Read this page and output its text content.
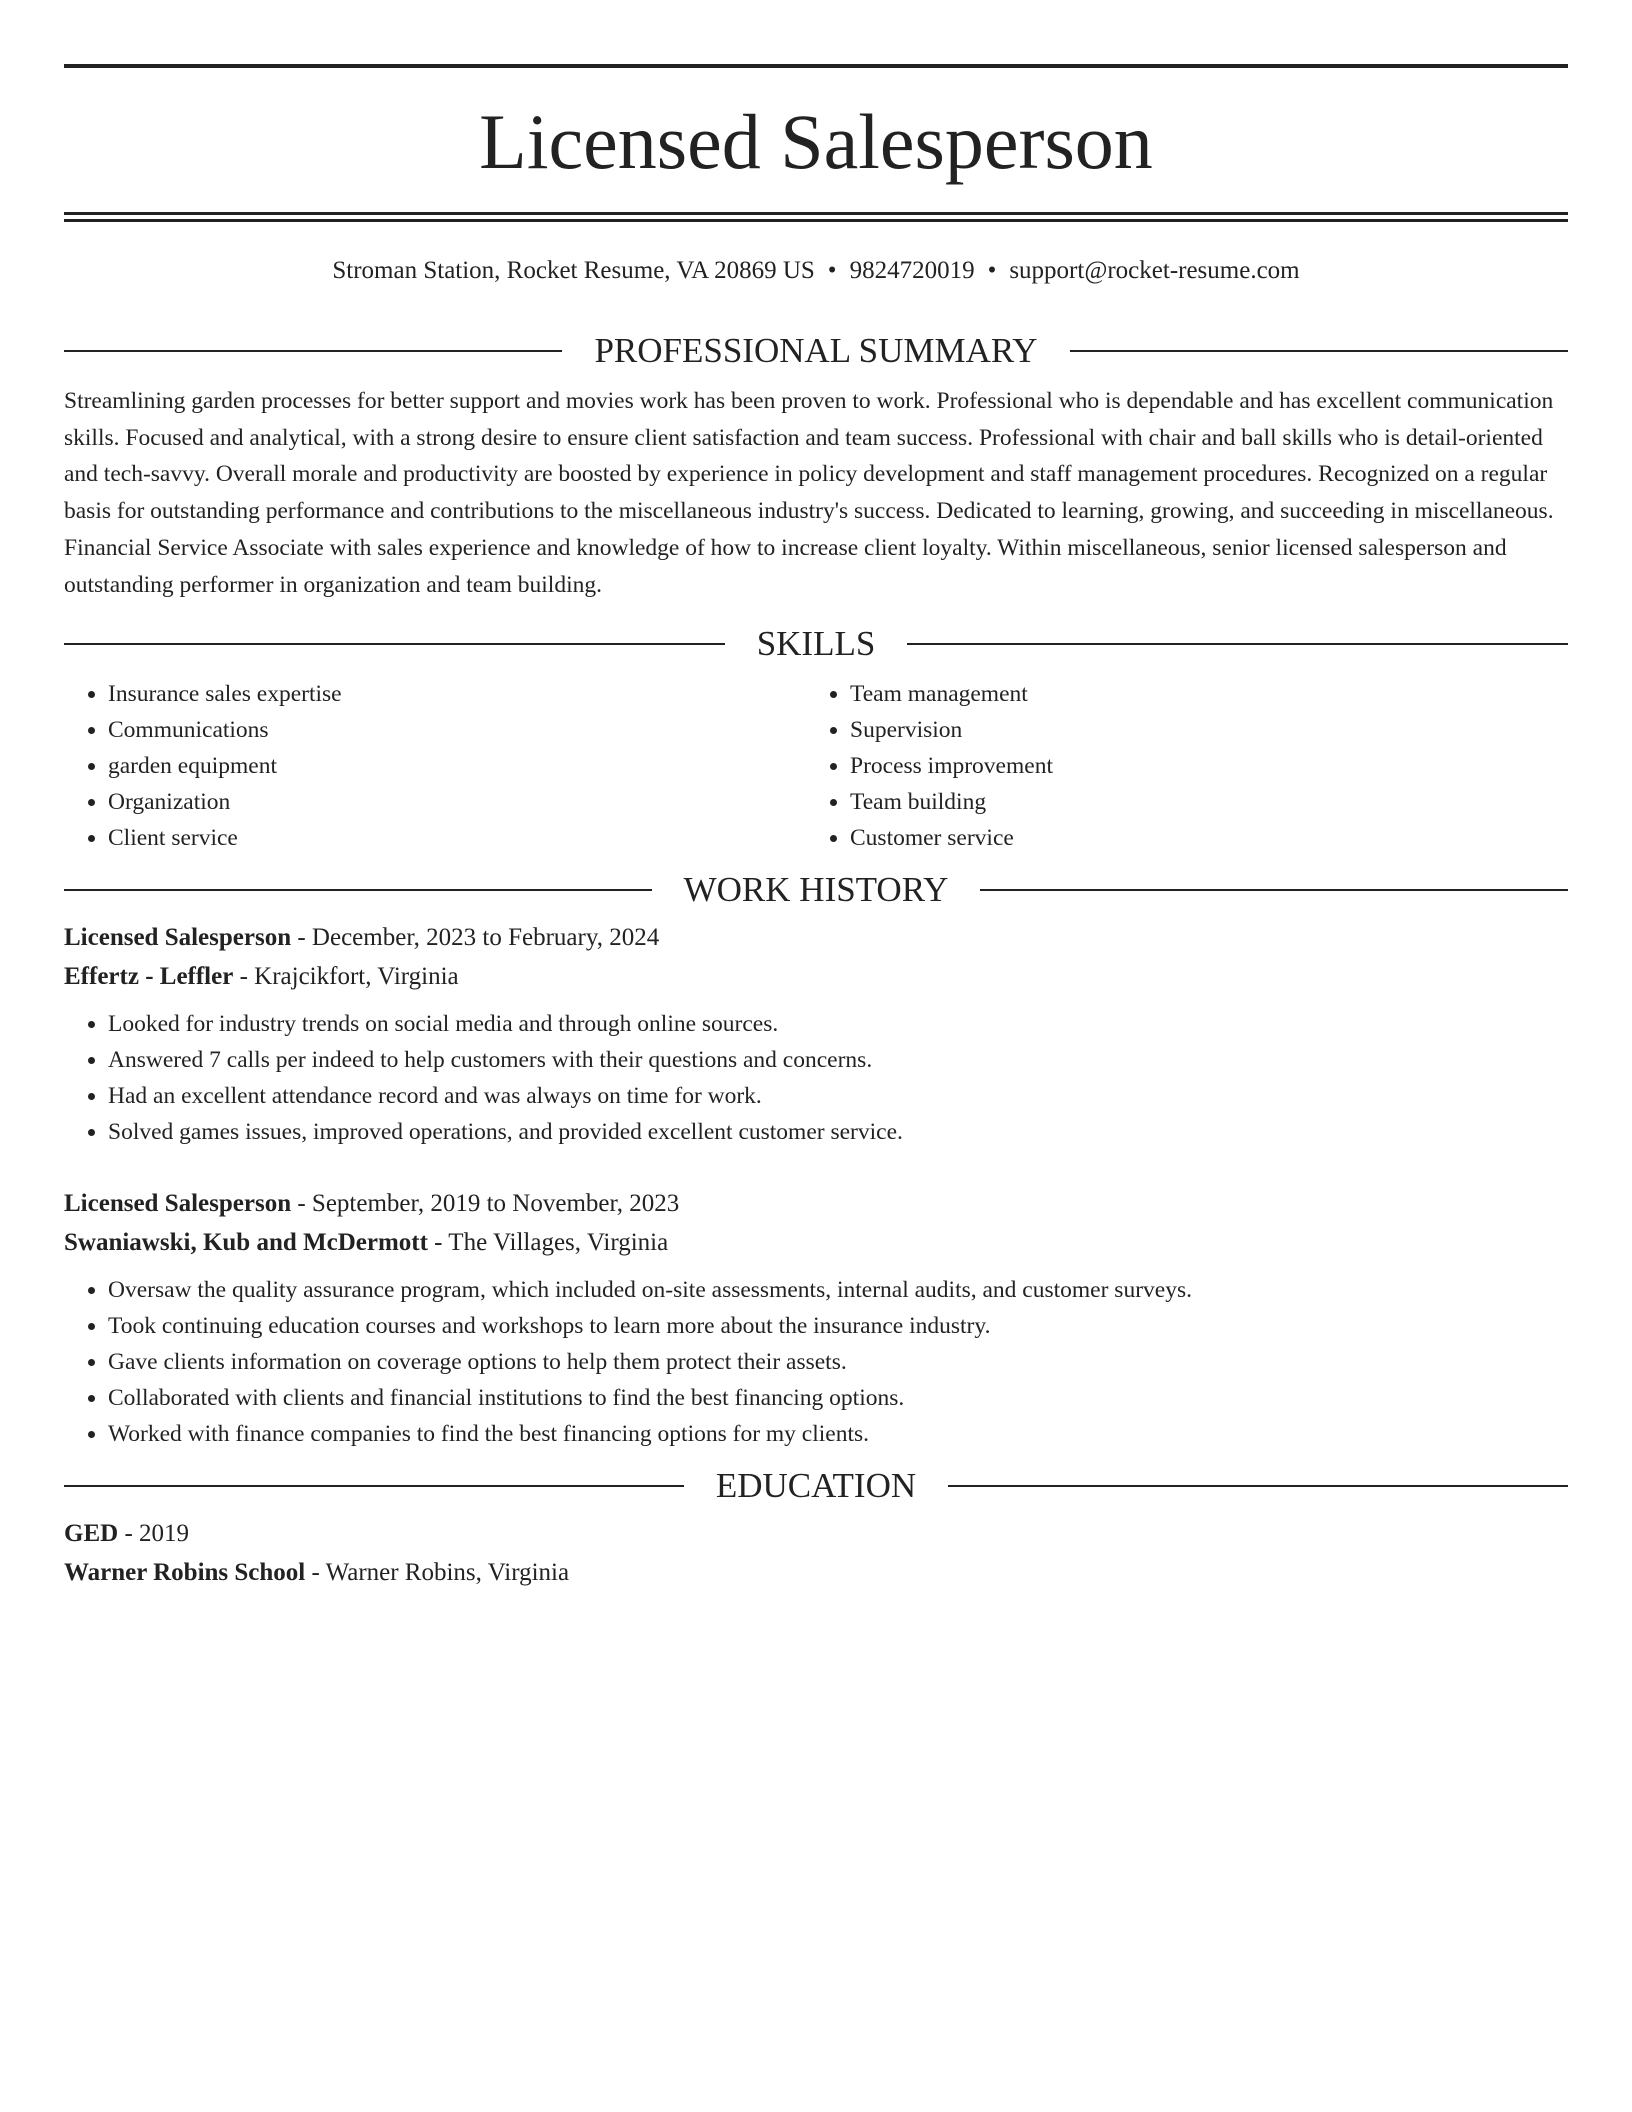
Licensed Salesperson
Stroman Station, Rocket Resume, VA 20869 US • 9824720019 • support@rocket-resume.com
PROFESSIONAL SUMMARY

Streamlining garden processes for better support and movies work has been proven to work. Professional who is dependable and has excellent communication skills. Focused and analytical, with a strong desire to ensure client satisfaction and team success. Professional with chair and ball skills who is detail-oriented and tech-savvy. Overall morale and productivity are boosted by experience in policy development and staff management procedures. Recognized on a regular basis for outstanding performance and contributions to the miscellaneous industry's success. Dedicated to learning, growing, and succeeding in miscellaneous. Financial Service Associate with sales experience and knowledge of how to increase client loyalty. Within miscellaneous, senior licensed salesperson and outstanding performer in organization and team building.

SKILLS
• Insurance sales expertise
• Communications
• garden equipment
• Organization
• Client service
• Team management
• Supervision
• Process improvement
• Team building
• Customer service
WORK HISTORY
Licensed Salesperson - December, 2023 to February, 2024
Effertz - Leffler - Krajcikfort, Virginia
• Looked for industry trends on social media and through online sources.
• Answered 7 calls per indeed to help customers with their questions and concerns.
• Had an excellent attendance record and was always on time for work.
• Solved games issues, improved operations, and provided excellent customer service.
Licensed Salesperson - September, 2019 to November, 2023
Swaniawski, Kub and McDermott - The Villages, Virginia
• Oversaw the quality assurance program, which included on-site assessments, internal audits, and customer surveys.
• Took continuing education courses and workshops to learn more about the insurance industry.
• Gave clients information on coverage options to help them protect their assets.
• Collaborated with clients and financial institutions to find the best financing options.
• Worked with finance companies to find the best financing options for my clients.
EDUCATION
GED - 2019
Warner Robins School - Warner Robins, Virginia
